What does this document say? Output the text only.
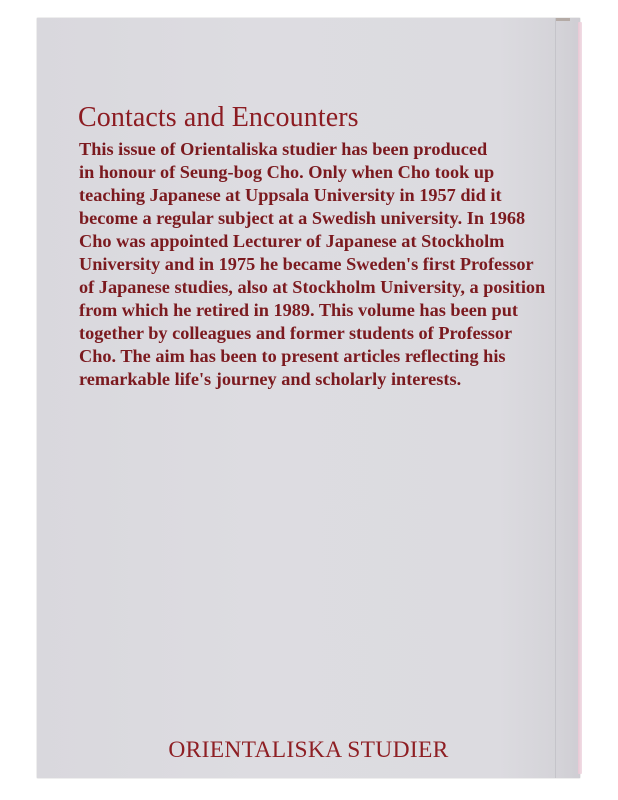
Contacts and Encounters

This issue of Orientaliska studier has been produced
in honour of Seung-bog Cho. Only when Cho took up
teaching Japanese at Uppsala University in 1957 did it
become a regular subject at a Swedish university. In 1968
Cho was appointed Lecturer of Japanese at Stockholm
University and in 1975 he became Sweden's first Professor
of Japanese studies, also at Stockholm University, a position
from which he retired in 1989. This volume has been put
together by colleagues and former students of Professor
Cho. The aim has been to present articles reflecting his
remarkable life's journey and scholarly interests.

ORIENTALISKA STUDIER
